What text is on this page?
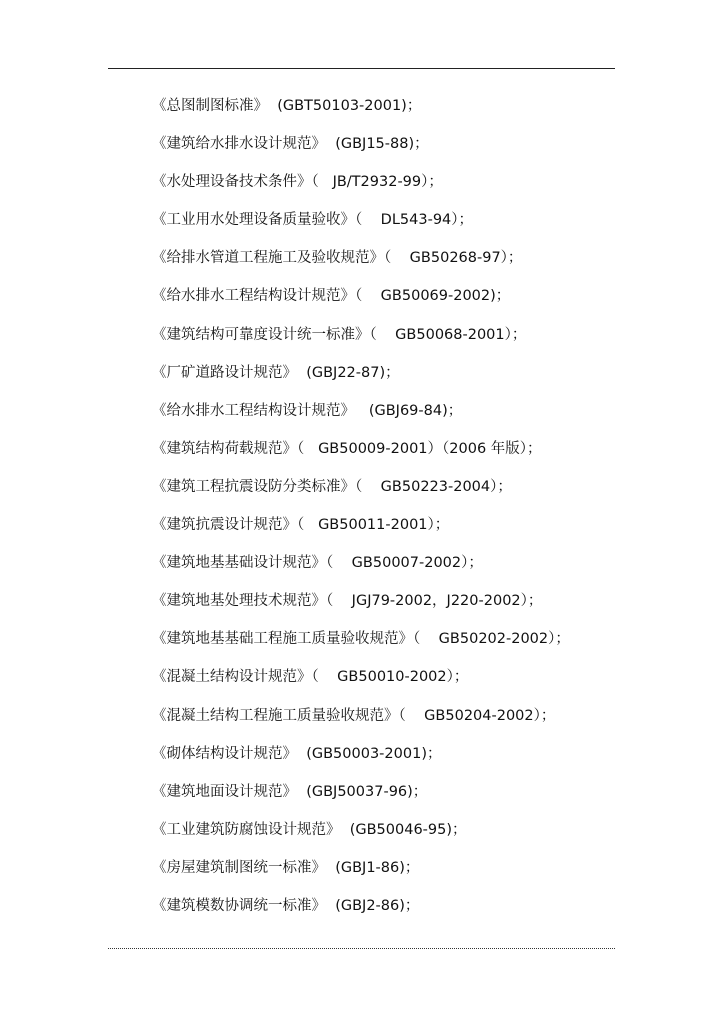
《总图制图标准》  (GBT50103-2001)；
《建筑给水排水设计规范》  (GBJ15-88)；
《水处理设备技术条件》（   JB/T2932-99）；
《工业用水处理设备质量验收》（    DL543-94）；
《给排水管道工程施工及验收规范》（    GB50268-97）；
《给水排水工程结构设计规范》（    GB50069-2002)；
《建筑结构可靠度设计统一标准》（    GB50068-2001）；
《厂矿道路设计规范》  (GBJ22-87)；
《给水排水工程结构设计规范》   (GBJ69-84)；
《建筑结构荷载规范》（   GB50009-2001）（2006 年版）；
《建筑工程抗震设防分类标准》（    GB50223-2004）；
《建筑抗震设计规范》（   GB50011-2001）；
《建筑地基基础设计规范》（    GB50007-2002）；
《建筑地基处理技术规范》（    JGJ79-2002，J220-2002）；
《建筑地基基础工程施工质量验收规范》（    GB50202-2002）；
《混凝土结构设计规范》（    GB50010-2002）；
《混凝土结构工程施工质量验收规范》（    GB50204-2002）；
《砌体结构设计规范》  (GB50003-2001)；
《建筑地面设计规范》  (GBJ50037-96)；
《工业建筑防腐蚀设计规范》  (GB50046-95)；
《房屋建筑制图统一标准》  (GBJ1-86)；
《建筑模数协调统一标准》  (GBJ2-86)；
